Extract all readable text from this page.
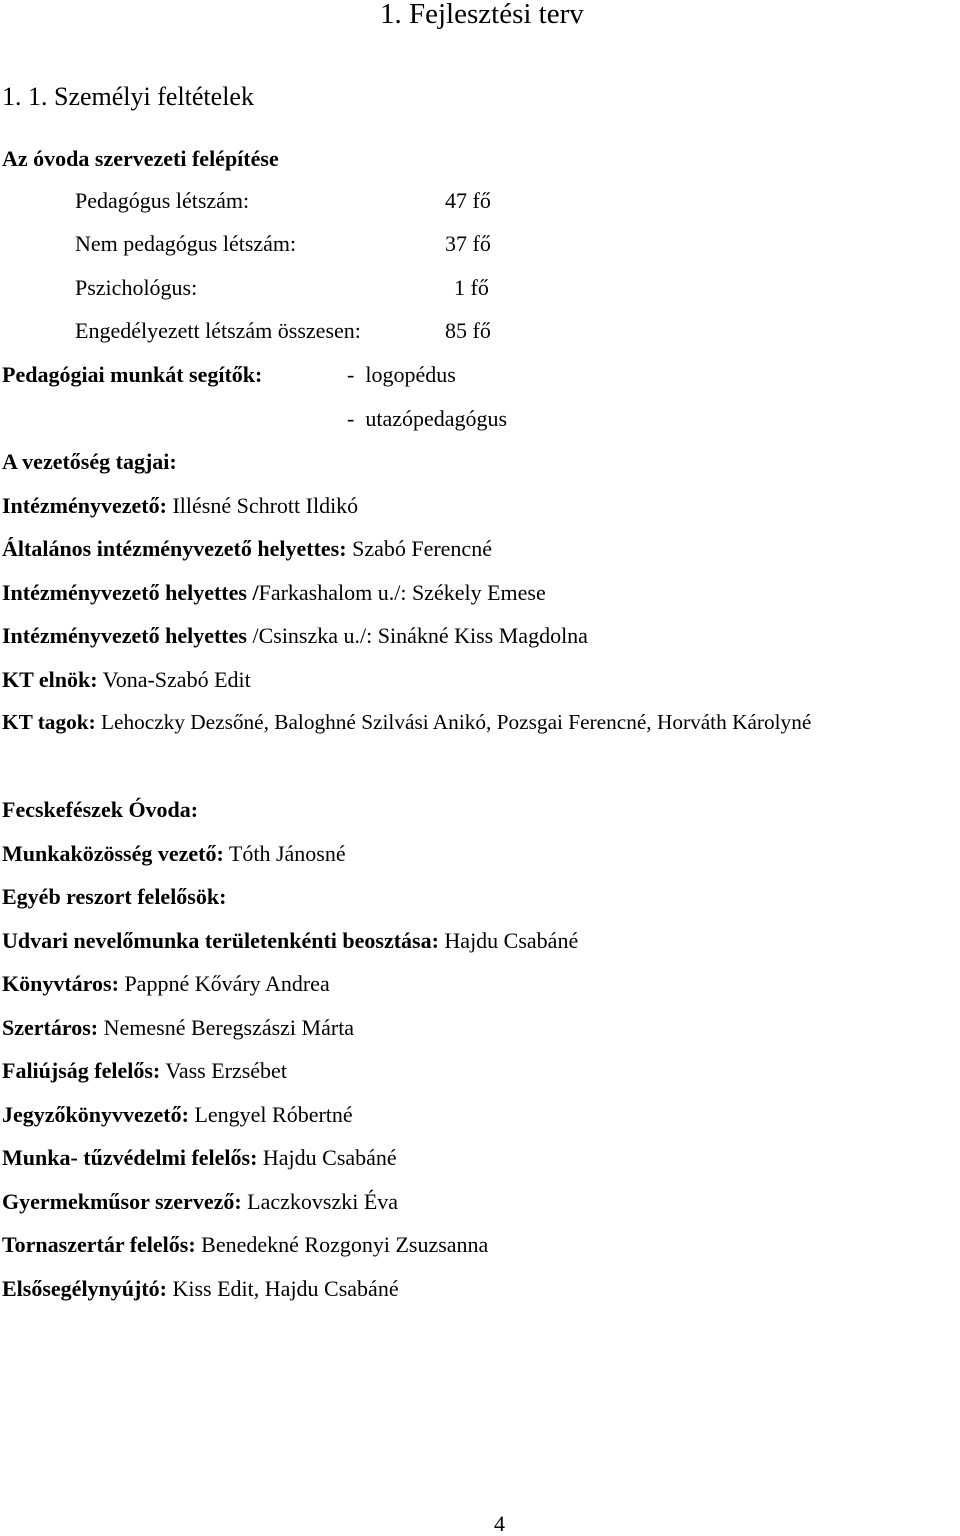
1. Fejlesztési terv
1. 1. Személyi feltételek
Az óvoda szervezeti felépítése
Pedagógus létszám:	47 fő
Nem pedagógus létszám:	37 fő
Pszichológus:	1 fő
Engedélyezett létszám összesen:	85 fő
Pedagógiai munkát segítők:	-  logopédus
-  utazópedagógus
A vezetőség tagjai:
Intézményvezető: Illésné Schrott Ildikó
Általános intézményvezető helyettes: Szabó Ferencné
Intézményvezető helyettes /Farkashalom u./: Székely Emese
Intézményvezető helyettes /Csinszka u./: Sinákné Kiss Magdolna
KT elnök: Vona-Szabó Edit
KT tagok: Lehoczky Dezsőné, Baloghné Szilvási Anikó, Pozsgai Ferencné, Horváth Károlyné
Fecskefészek Óvoda:
Munkaközösség vezető: Tóth Jánosné
Egyéb reszort felelősök:
Udvari nevelőmunka területenkénti beosztása: Hajdu Csabáné
Könyvtáros: Pappné Kőváry Andrea
Szertáros: Nemesné Beregszászi Márta
Faliújság felelős: Vass Erzsébet
Jegyzőkönyvvezető: Lengyel Róbertné
Munka- tűzvédelmi felelős: Hajdu Csabáné
Gyermekműsor szervező: Laczkovszki Éva
Tornaszertár felelős: Benedekné Rozgonyi Zsuzsanna
Elsősegélynyújtó: Kiss Edit, Hajdu Csabáné
4
